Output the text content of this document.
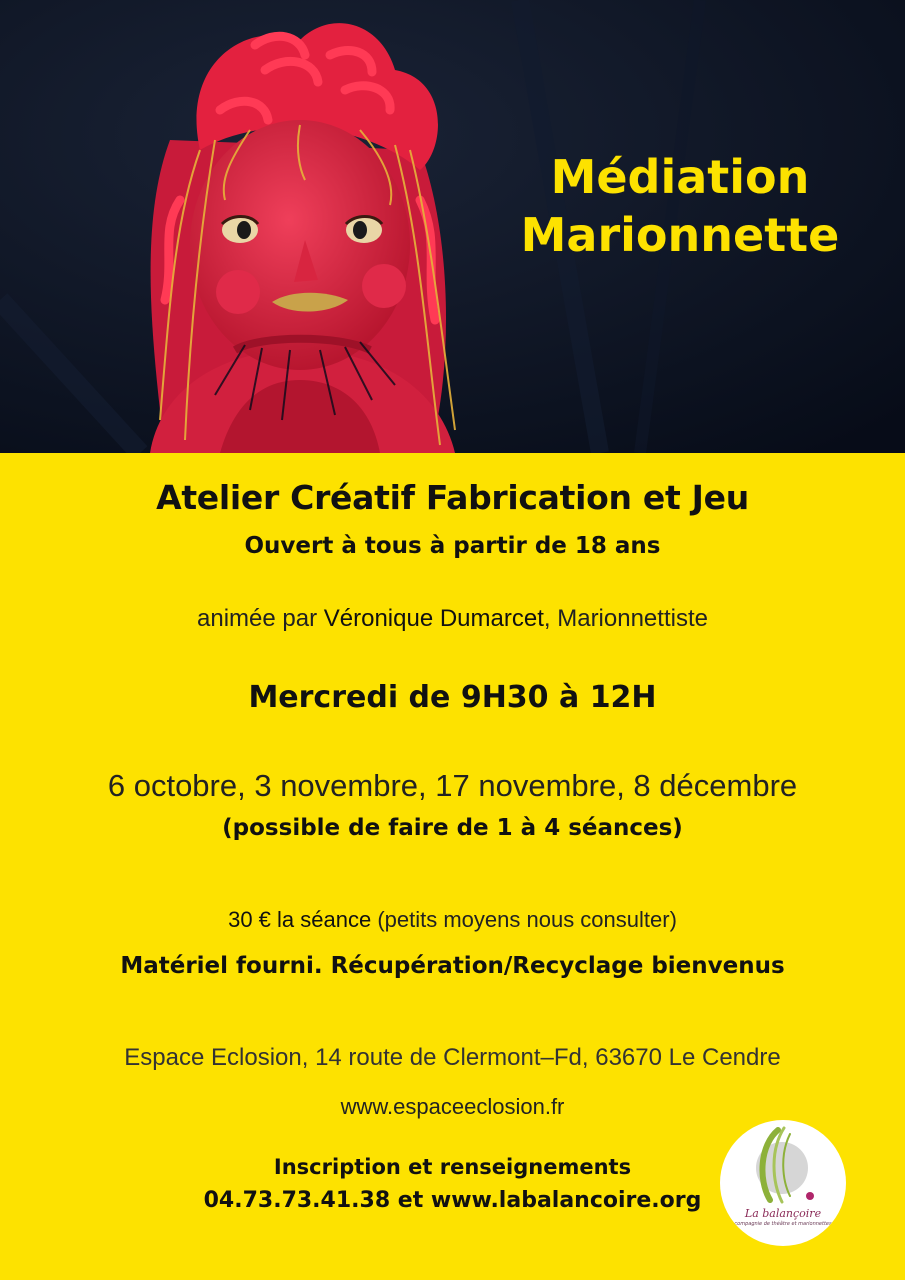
Médiation
Marionnette
Atelier Créatif Fabrication et Jeu
Ouvert à tous à partir de 18 ans
animée par Véronique Dumarcet, Marionnettiste
Mercredi de 9H30 à 12H
6 octobre, 3 novembre, 17 novembre, 8 décembre
(possible de faire de 1 à 4 séances)
30 € la séance (petits moyens nous consulter)
Matériel fourni. Récupération/Recyclage bienvenus
Espace Eclosion, 14 route de Clermont–Fd, 63670 Le Cendre
www.espaceeclosion.fr
Inscription et renseignements
04.73.73.41.38 et www.labalancoire.org
La balançoire
compagnie de théâtre et marionnettes
